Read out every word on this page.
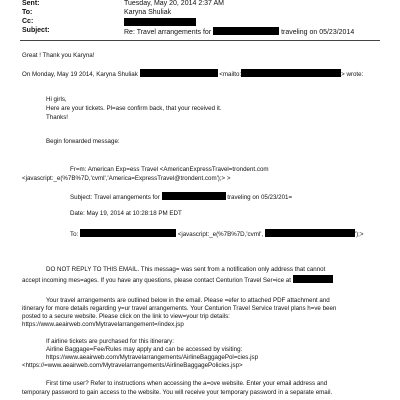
Sent:	Tuesday, May 20, 2014 2:37 AM
To:	Karyna Shuliak
Cc:
Subject:	Re: Travel arrangements for	traveling on 05/23/2014
Great ! Thank you Karyna!
On Monday, May 19 2014, Karyna Shuliak	<mailto:	> wrote:
Hi girls,
Here are your tickets. Pl=ase confirm back, that your received it.
Thanks!
Begin forwarded message:
Fr=m: American Exp=ess Travel <AmericanExpressTravel=trondent.com
<javascript:_e(%7B%7D,'cvml','America=ExpressTravel@trondent.com');> >
Subject: Travel arrangements for	traveling on 05/23/201=
Date: May 19, 2014 at 10:28:18 PM EDT
To:	<javascript:_e(%7B%7D,'cvml',	');>
DO NOT REPLY TO THIS EMAIL. This messag= was sent from a notification only address that cannot
accept incoming mes=ages. If you have any questions, please contact Centurion Travel Ser=ice at
Your travel arrangements are outlined below in the email. Please =efer to attached PDF attachment and
itinerary for more details regarding y=ur travel arrangements. Your Centurion Travel Service travel plans h=ve been
posted to a secure website. Please click on the link to view=your trip details:
https://www.aeairweb.com/Mytravelarrangement=/index.jsp
If airline tickets are purchased for this itinerary:
Airline Baggage=Fee/Rules may apply and can be accessed by visiting:
https://www.aeairweb.com/Mytravelarrangements/AirlineBaggagePol=cies.jsp
<https://=www.aeairweb.com/Mytravelarrangements/AirlineBaggagePolicies.jsp>
First time user? Refer to instructions when accessing the a=ove website. Enter your email address and
temporary password to gain access to the website. You will receive your temporary password in a separate email.
